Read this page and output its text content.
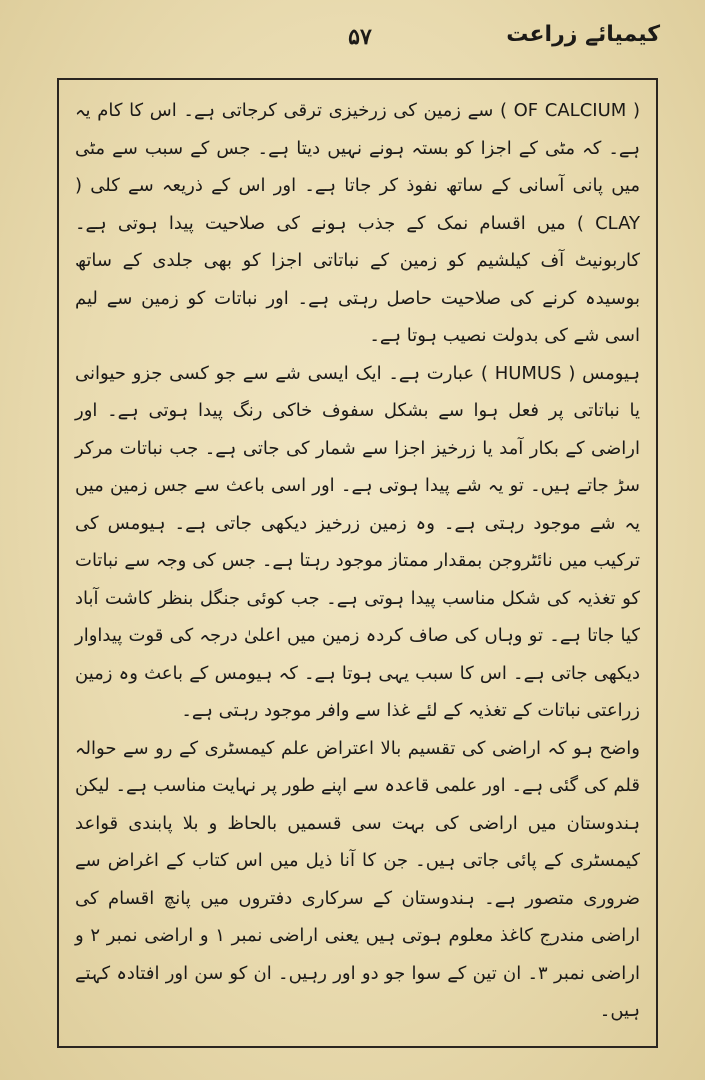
۵۷	کیمیائے زراعت
( OF CALCIUM ) سے زمین کی زرخیزی ترقی کرجاتی ہے۔ اس کا کام یہ ہے۔ کہ مٹی کے اجزا کو بستہ ہونے نہیں دیتا ہے۔ جس کے سبب سے مٹی میں پانی آسانی کے ساتھ نفوذ کر جاتا ہے۔ اور اس کے ذریعہ سے کلی ( CLAY ) میں اقسام نمک کے جذب ہونے کی صلاحیت پیدا ہوتی ہے۔ کاربونیٹ آف کیلشیم کو زمین کے نباتاتی اجزا کو بھی جلدی کے ساتھ بوسیدہ کرنے کی صلاحیت حاصل رہتی ہے۔ اور نباتات کو زمین سے لیم اسی شے کی بدولت نصیب ہوتا ہے۔
ہیومس ( HUMUS ) عبارت ہے۔ ایک ایسی شے سے جو کسی جزو حیوانی یا نباتاتی پر فعل ہوا سے بشکل سفوف خاکی رنگ پیدا ہوتی ہے۔ اور اراضی کے بکار آمد یا زرخیز اجزا سے شمار کی جاتی ہے۔ جب نباتات مرکر سڑ جاتے ہیں۔ تو یہ شے پیدا ہوتی ہے۔ اور اسی باعث سے جس زمین میں یہ شے موجود رہتی ہے۔ وہ زمین زرخیز دیکھی جاتی ہے۔ ہیومس کی ترکیب میں نائٹروجن بمقدار ممتاز موجود رہتا ہے۔ جس کی وجہ سے نباتات کو تغذیہ کی شکل مناسب پیدا ہوتی ہے۔ جب کوئی جنگل بنظر کاشت آباد کیا جاتا ہے۔ تو وہاں کی صاف کردہ زمین میں اعلیٰ درجہ کی قوت پیداوار دیکھی جاتی ہے۔ اس کا سبب یہی ہوتا ہے۔ کہ ہیومس کے باعث وہ زمین زراعتی نباتات کے تغذیہ کے لئے غذا سے وافر موجود رہتی ہے۔
واضح ہو کہ اراضی کی تقسیم بالا اعتراض علم کیمسٹری کے رو سے حوالہ قلم کی گئی ہے۔ اور علمی قاعدہ سے اپنے طور پر نہایت مناسب ہے۔ لیکن ہندوستان میں اراضی کی بہت سی قسمیں بالحاظ و بلا پابندی قواعد کیمسٹری کے پائی جاتی ہیں۔ جن کا آنا ذیل میں اس کتاب کے اغراض سے ضروری متصور ہے۔ ہندوستان کے سرکاری دفتروں میں پانچ اقسام کی اراضی مندرج کاغذ معلوم ہوتی ہیں یعنی اراضی نمبر ۱ و اراضی نمبر ۲ و اراضی نمبر ۳۔ ان تین کے سوا جو دو اور رہیں۔ ان کو سن اور افتادہ کہتے ہیں۔
